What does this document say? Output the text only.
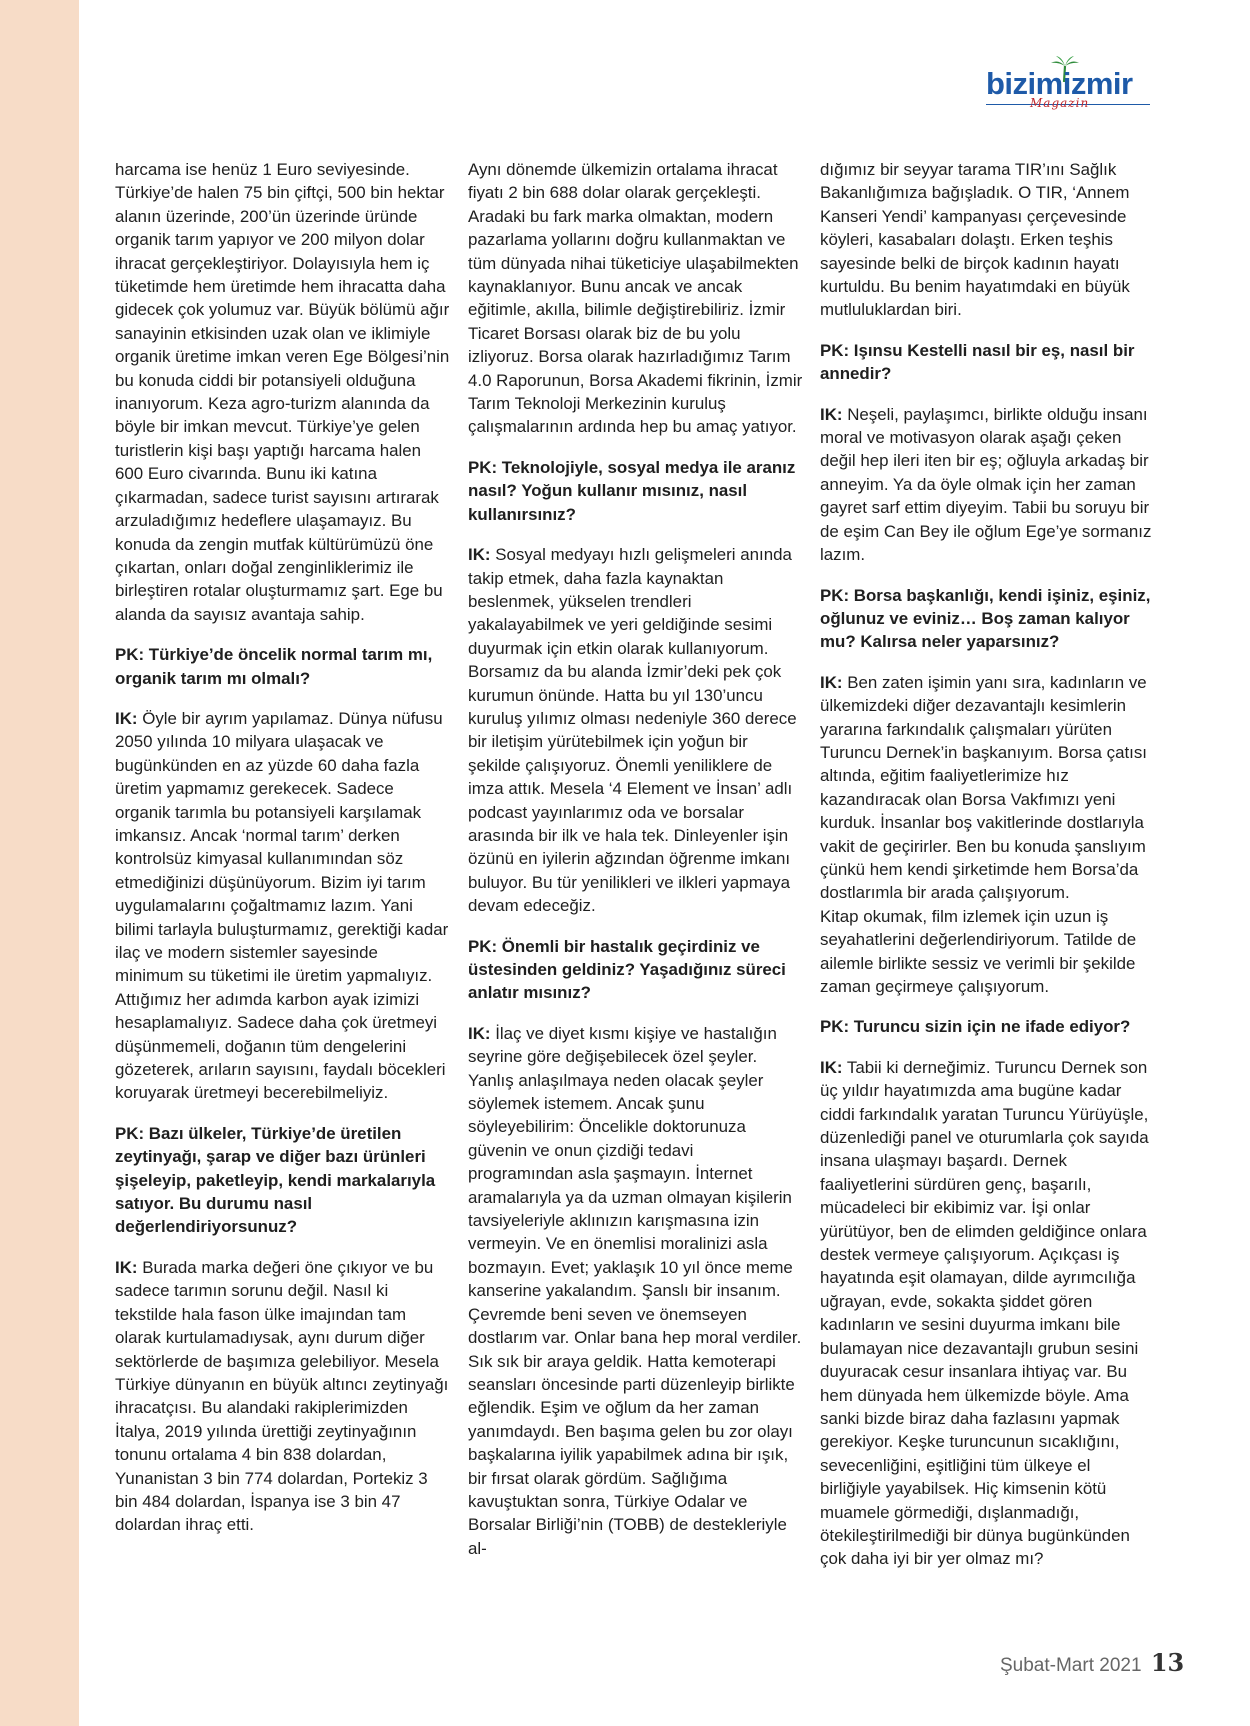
bizimizmir
Magazin

harcama ise henüz 1 Euro seviyesinde. Türkiye’de halen 75 bin çiftçi, 500 bin hektar alanın üzerinde, 200’ün üzerinde üründe organik tarım yapıyor ve 200 milyon dolar ihracat gerçekleştiriyor. Dolayısıyla hem iç tüketimde hem üretimde hem ihracatta daha gidecek çok yolumuz var. Büyük bölümü ağır sanayinin etkisinden uzak olan ve iklimiyle organik üretime imkan veren Ege Bölgesi’nin bu konuda ciddi bir potansiyeli olduğuna inanıyorum. Keza agro-turizm alanında da böyle bir imkan mevcut. Türkiye’ye gelen turistlerin kişi başı yaptığı harcama halen 600 Euro civarında. Bunu iki katına çıkarmadan, sadece turist sayısını artırarak arzuladığımız hedeflere ulaşamayız. Bu konuda da zengin mutfak kültürümüzü öne çıkartan, onları doğal zenginliklerimiz ile birleştiren rotalar oluşturmamız şart. Ege bu alanda da sayısız avantaja sahip.

PK: Türkiye’de öncelik normal tarım mı, organik tarım mı olmalı?

IK: Öyle bir ayrım yapılamaz. Dünya nüfusu 2050 yılında 10 milyara ulaşacak ve bugünkünden en az yüzde 60 daha fazla üretim yapmamız gerekecek. Sadece organik tarımla bu potansiyeli karşılamak imkansız. Ancak ‘normal tarım’ derken kontrolsüz kimyasal kullanımından söz etmediğinizi düşünüyorum. Bizim iyi tarım uygulamalarını çoğaltmamız lazım. Yani bilimi tarlayla buluşturmamız, gerektiği kadar ilaç ve modern sistemler sayesinde minimum su tüketimi ile üretim yapmalıyız. Attığımız her adımda karbon ayak izimizi hesaplamalıyız. Sadece daha çok üretmeyi düşünmemeli, doğanın tüm dengelerini gözeterek, arıların sayısını, faydalı böcekleri koruyarak üretmeyi becerebilmeliyiz.

PK: Bazı ülkeler, Türkiye’de üretilen zeytinyağı, şarap ve diğer bazı ürünleri şişeleyip, paketleyip, kendi markalarıyla satıyor. Bu durumu nasıl değerlendiriyorsunuz?

IK: Burada marka değeri öne çıkıyor ve bu sadece tarımın sorunu değil. Nasıl ki tekstilde hala fason ülke imajından tam olarak kurtulamadıysak, aynı durum diğer sektörlerde de başımıza gelebiliyor. Mesela Türkiye dünyanın en büyük altıncı zeytinyağı ihracatçısı. Bu alandaki rakiplerimizden İtalya, 2019 yılında ürettiği zeytinyağının tonunu ortalama 4 bin 838 dolardan, Yunanistan 3 bin 774 dolardan, Portekiz 3 bin 484 dolardan, İspanya ise 3 bin 47 dolardan ihraç etti.

Aynı dönemde ülkemizin ortalama ihracat fiyatı 2 bin 688 dolar olarak gerçekleşti. Aradaki bu fark marka olmaktan, modern pazarlama yollarını doğru kullanmaktan ve tüm dünyada nihai tüketiciye ulaşabilmekten kaynaklanıyor. Bunu ancak ve ancak eğitimle, akılla, bilimle değiştirebiliriz. İzmir Ticaret Borsası olarak biz de bu yolu izliyoruz. Borsa olarak hazırladığımız Tarım 4.0 Raporunun, Borsa Akademi fikrinin, İzmir Tarım Teknoloji Merkezinin kuruluş çalışmalarının ardında hep bu amaç yatıyor.

PK: Teknolojiyle, sosyal medya ile aranız nasıl? Yoğun kullanır mısınız, nasıl kullanırsınız?

IK: Sosyal medyayı hızlı gelişmeleri anında takip etmek, daha fazla kaynaktan beslenmek, yükselen trendleri yakalayabilmek ve yeri geldiğinde sesimi duyurmak için etkin olarak kullanıyorum. Borsamız da bu alanda İzmir’deki pek çok kurumun önünde. Hatta bu yıl 130’uncu kuruluş yılımız olması nedeniyle 360 derece bir iletişim yürütebilmek için yoğun bir şekilde çalışıyoruz. Önemli yeniliklere de imza attık. Mesela ‘4 Element ve İnsan’ adlı podcast yayınlarımız oda ve borsalar arasında bir ilk ve hala tek. Dinleyenler işin özünü en iyilerin ağzından öğrenme imkanı buluyor. Bu tür yenilikleri ve ilkleri yapmaya devam edeceğiz.

PK: Önemli bir hastalık geçirdiniz ve üstesinden geldiniz? Yaşadığınız süreci anlatır mısınız?

IK: İlaç ve diyet kısmı kişiye ve hastalığın seyrine göre değişebilecek özel şeyler. Yanlış anlaşılmaya neden olacak şeyler söylemek istemem. Ancak şunu söyleyebilirim: Öncelikle doktorunuza güvenin ve onun çizdiği tedavi programından asla şaşmayın. İnternet aramalarıyla ya da uzman olmayan kişilerin tavsiyeleriyle aklınızın karışmasına izin vermeyin. Ve en önemlisi moralinizi asla bozmayın. Evet; yaklaşık 10 yıl önce meme kanserine yakalandım. Şanslı bir insanım. Çevremde beni seven ve önemseyen dostlarım var. Onlar bana hep moral verdiler. Sık sık bir araya geldik. Hatta kemoterapi seansları öncesinde parti düzenleyip birlikte eğlendik. Eşim ve oğlum da her zaman yanımdaydı. Ben başıma gelen bu zor olayı başkalarına iyilik yapabilmek adına bir ışık, bir fırsat olarak gördüm. Sağlığıma kavuştuktan sonra, Türkiye Odalar ve Borsalar Birliği’nin (TOBB) de destekleriyle al-

dığımız bir seyyar tarama TIR’ını Sağlık Bakanlığımıza bağışladık. O TIR, ‘Annem Kanseri Yendi’ kampanyası çerçevesinde köyleri, kasabaları dolaştı. Erken teşhis sayesinde belki de birçok kadının hayatı kurtuldu. Bu benim hayatımdaki en büyük mutluluklardan biri.

PK: Işınsu Kestelli nasıl bir eş, nasıl bir annedir?

IK: Neşeli, paylaşımcı, birlikte olduğu insanı moral ve motivasyon olarak aşağı çeken değil hep ileri iten bir eş; oğluyla arkadaş bir anneyim. Ya da öyle olmak için her zaman gayret sarf ettim diyeyim. Tabii bu soruyu bir de eşim Can Bey ile oğlum Ege’ye sormanız lazım.

PK: Borsa başkanlığı, kendi işiniz, eşiniz, oğlunuz ve eviniz… Boş zaman kalıyor mu? Kalırsa neler yaparsınız?

IK: Ben zaten işimin yanı sıra, kadınların ve ülkemizdeki diğer dezavantajlı kesimlerin yararına farkındalık çalışmaları yürüten Turuncu Dernek’in başkanıyım. Borsa çatısı altında, eğitim faaliyetlerimize hız kazandıracak olan Borsa Vakfımızı yeni kurduk. İnsanlar boş vakitlerinde dostlarıyla vakit de geçirirler. Ben bu konuda şanslıyım çünkü hem kendi şirketimde hem Borsa’da dostlarımla bir arada çalışıyorum.

Kitap okumak, film izlemek için uzun iş seyahatlerini değerlendiriyorum. Tatilde de ailemle birlikte sessiz ve verimli bir şekilde zaman geçirmeye çalışıyorum.

PK: Turuncu sizin için ne ifade ediyor?

IK: Tabii ki derneğimiz. Turuncu Dernek son üç yıldır hayatımızda ama bugüne kadar ciddi farkındalık yaratan Turuncu Yürüyüşle, düzenlediği panel ve oturumlarla çok sayıda insana ulaşmayı başardı. Dernek faaliyetlerini sürdüren genç, başarılı, mücadeleci bir ekibimiz var. İşi onlar yürütüyor, ben de elimden geldiğince onlara destek vermeye çalışıyorum. Açıkçası iş hayatında eşit olamayan, dilde ayrımcılığa uğrayan, evde, sokakta şiddet gören kadınların ve sesini duyurma imkanı bile bulamayan nice dezavantajlı grubun sesini duyuracak cesur insanlara ihtiyaç var. Bu hem dünyada hem ülkemizde böyle. Ama sanki bizde biraz daha fazlasını yapmak gerekiyor. Keşke turuncunun sıcaklığını, sevecenliğini, eşitliğini tüm ülkeye el birliğiyle yayabilsek. Hiç kimsenin kötü muamele görmediği, dışlanmadığı, ötekileştirilmediği bir dünya bugünkünden çok daha iyi bir yer olmaz mı?

Şubat-Mart 2021 13
